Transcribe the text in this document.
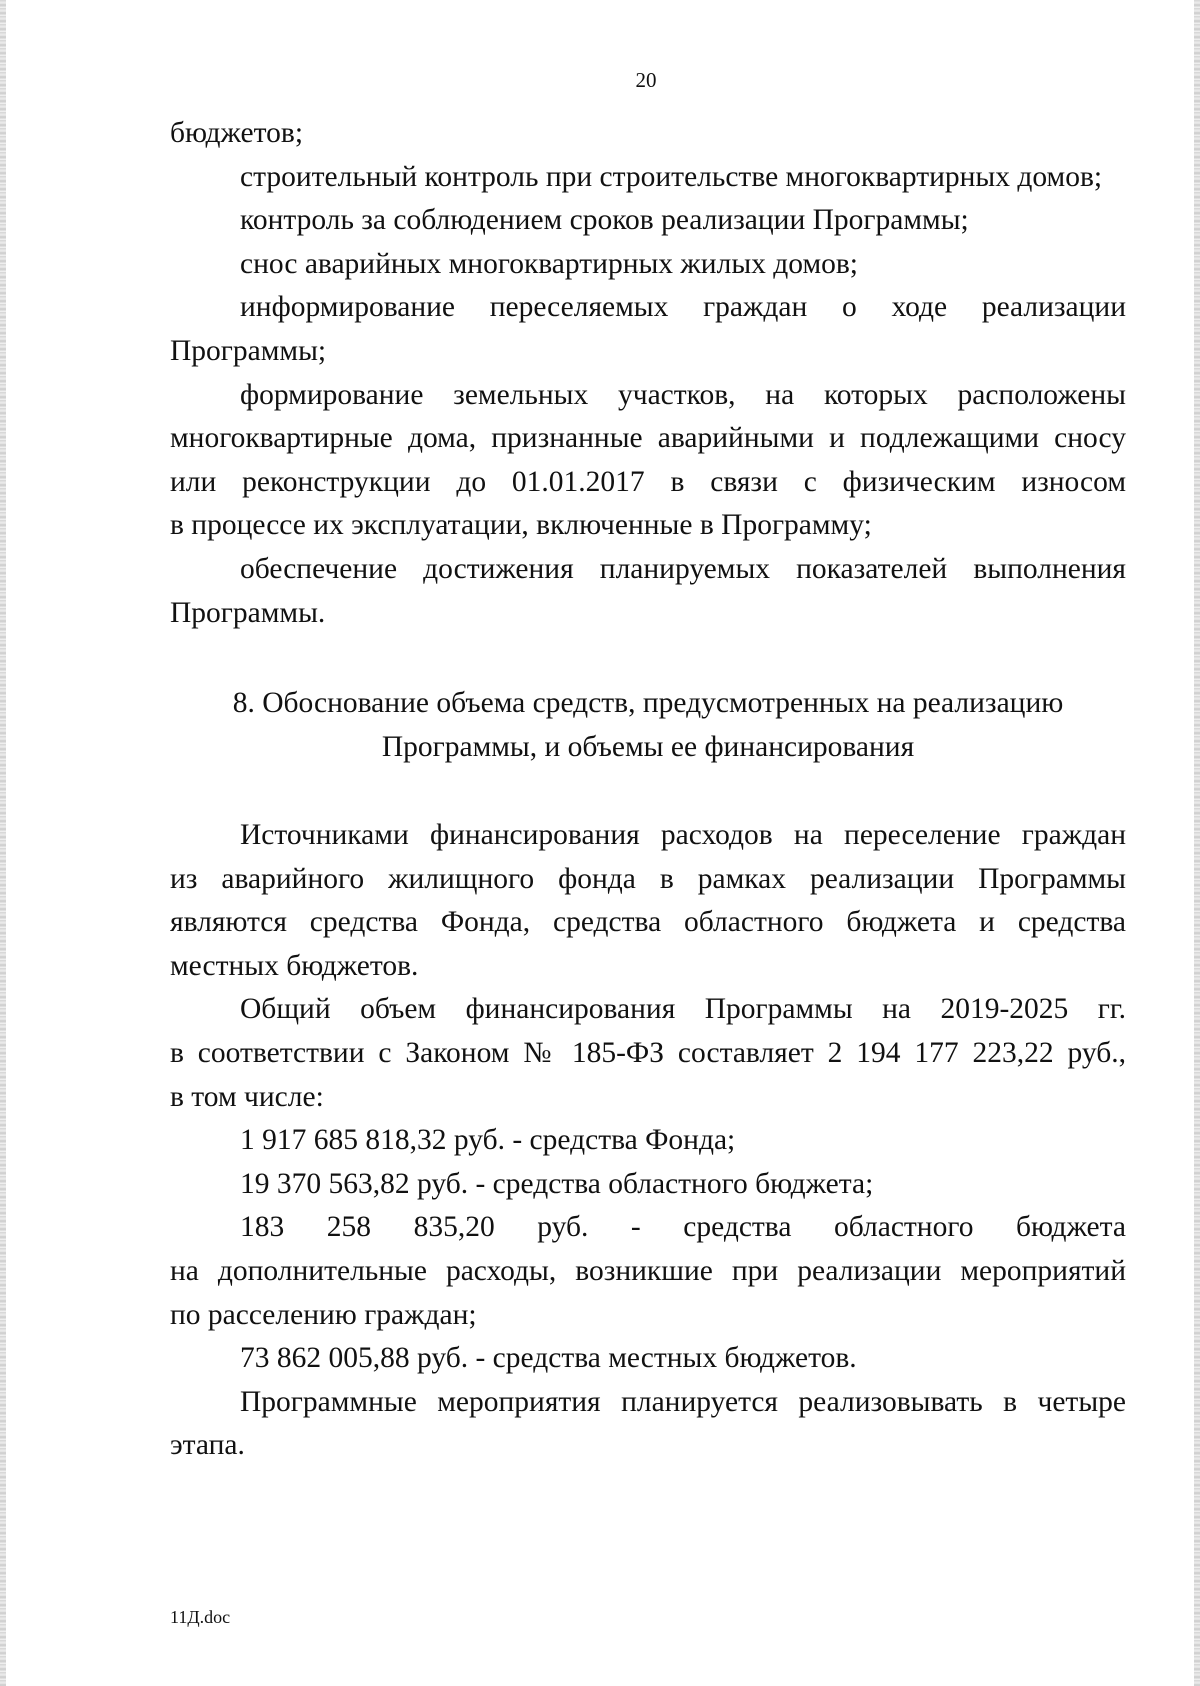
20
бюджетов;
строительный контроль при строительстве многоквартирных домов;
контроль за соблюдением сроков реализации Программы;
снос аварийных многоквартирных жилых домов;
информирование переселяемых граждан о ходе реализации
Программы;
формирование земельных участков, на которых расположены
многоквартирные дома, признанные аварийными и подлежащими сносу
или реконструкции до 01.01.2017 в связи с физическим износом
в процессе их эксплуатации, включенные в Программу;
обеспечение достижения планируемых показателей выполнения
Программы.
8. Обоснование объема средств, предусмотренных на реализацию
Программы, и объемы ее финансирования
Источниками финансирования расходов на переселение граждан
из аварийного жилищного фонда в рамках реализации Программы
являются средства Фонда, средства областного бюджета и средства
местных бюджетов.
Общий объем финансирования Программы на 2019-2025 гг.
в соответствии с Законом № 185-ФЗ составляет 2 194 177 223,22 руб.,
в том числе:
1 917 685 818,32 руб. - средства Фонда;
19 370 563,82 руб. - средства областного бюджета;
183 258 835,20 руб. - средства областного бюджета
на дополнительные расходы, возникшие при реализации мероприятий
по расселению граждан;
73 862 005,88 руб. - средства местных бюджетов.
Программные мероприятия планируется реализовывать в четыре
этапа.
11Д.doc
